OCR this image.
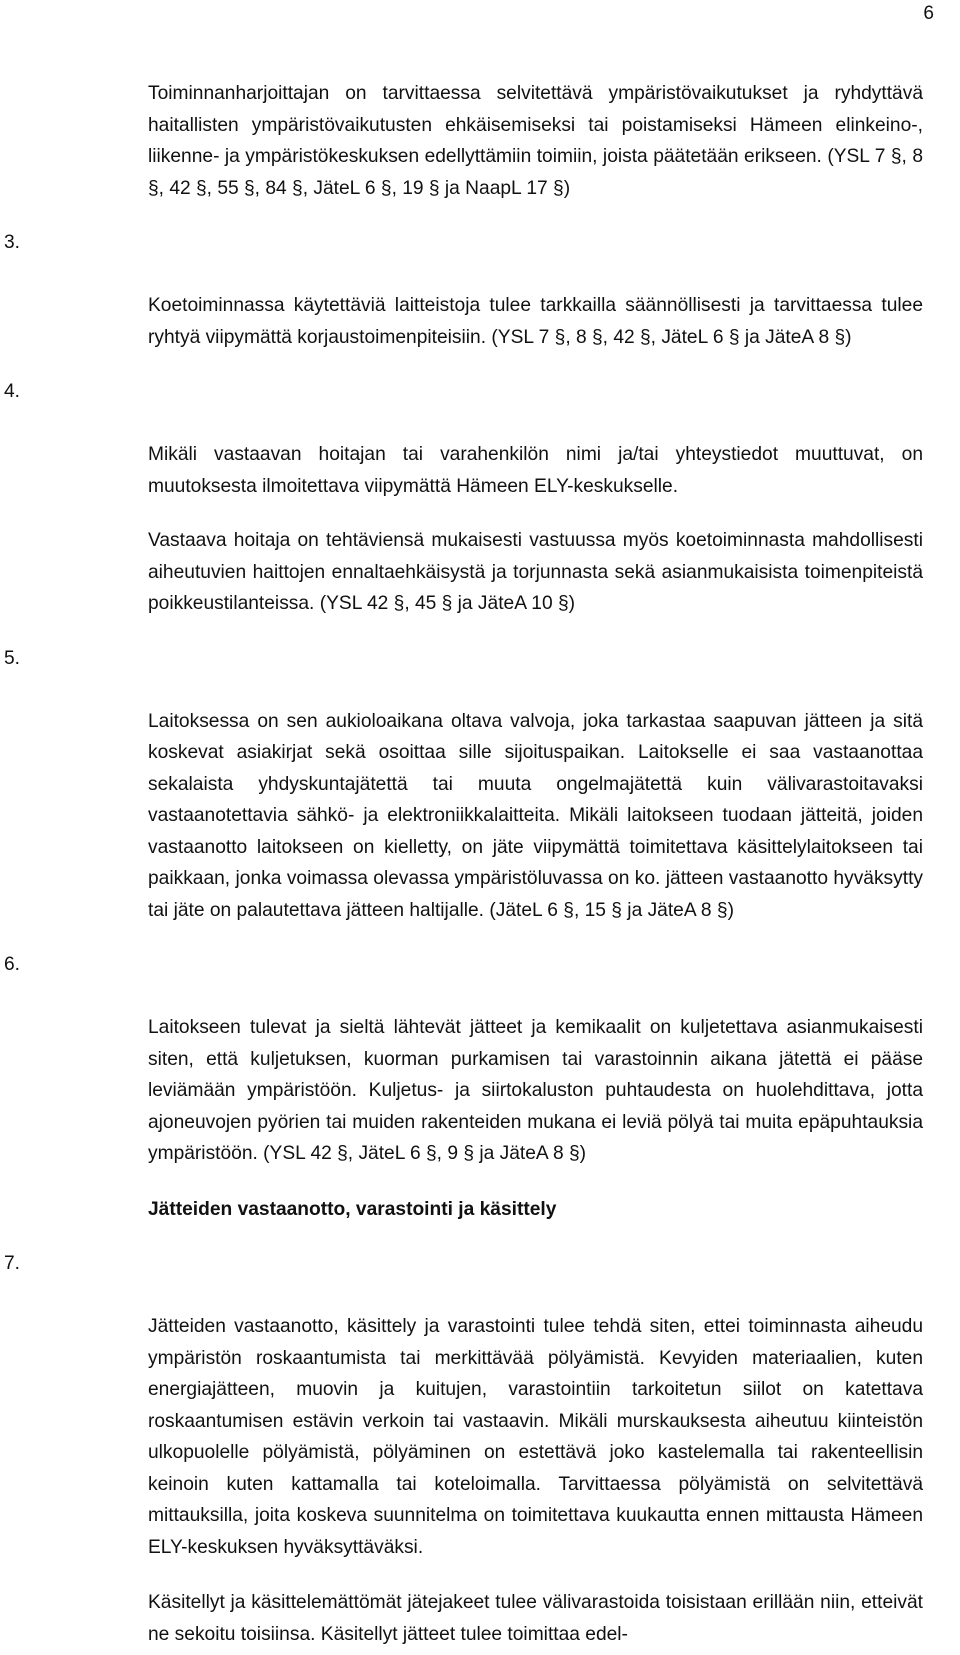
6
Toiminnanharjoittajan on tarvittaessa selvitettävä ympäristövaikutukset ja ryhdyttävä haitallisten ympäristövaikutusten ehkäisemiseksi tai poistamiseksi Hämeen elinkeino-, liikenne- ja ympäristökeskuksen edellyttämiin toimiin, joista päätetään erikseen. (YSL 7 §, 8 §, 42 §, 55 §, 84 §, JäteL 6 §, 19 § ja NaapL 17 §)

3.

Koetoiminnassa käytettäviä laitteistoja tulee tarkkailla säännöllisesti ja tarvittaessa tulee ryhtyä viipymättä korjaustoimenpiteisiin. (YSL 7 §, 8 §, 42 §, JäteL 6 § ja JäteA 8 §)

4.

Mikäli vastaavan hoitajan tai varahenkilön nimi ja/tai yhteystiedot muuttuvat, on muutoksesta ilmoitettava viipymättä Hämeen ELY-keskukselle.

Vastaava hoitaja on tehtäviensä mukaisesti vastuussa myös koetoiminnasta mahdollisesti aiheutuvien haittojen ennaltaehkäisystä ja torjunnasta sekä asianmukaisista toimenpiteistä poikkeustilanteissa. (YSL 42 §, 45 § ja JäteA 10 §)

5.

Laitoksessa on sen aukioloaikana oltava valvoja, joka tarkastaa saapuvan jätteen ja sitä koskevat asiakirjat sekä osoittaa sille sijoituspaikan. Laitokselle ei saa vastaanottaa sekalaista yhdyskuntajätettä tai muuta ongelmajätettä kuin välivarastoitavaksi vastaanotettavia sähkö- ja elektroniikkalaitteita. Mikäli laitokseen tuodaan jätteitä, joiden vastaanotto laitokseen on kielletty, on jäte viipymättä toimitettava käsittelylaitokseen tai paikkaan, jonka voimassa olevassa ympäristöluvassa on ko. jätteen vastaanotto hyväksytty tai jäte on palautettava jätteen haltijalle. (JäteL 6 §, 15 § ja JäteA 8 §)

6.

Laitokseen tulevat ja sieltä lähtevät jätteet ja kemikaalit on kuljetettava asianmukaisesti siten, että kuljetuksen, kuorman purkamisen tai varastoinnin aikana jätettä ei pääse leviämään ympäristöön. Kuljetus- ja siirtokaluston puhtaudesta on huolehdittava, jotta ajoneuvojen pyörien tai muiden rakenteiden mukana ei leviä pölyä tai muita epäpuhtauksia ympäristöön. (YSL 42 §, JäteL 6 §, 9 § ja JäteA 8 §)

Jätteiden vastaanotto, varastointi ja käsittely

7.

Jätteiden vastaanotto, käsittely ja varastointi tulee tehdä siten, ettei toiminnasta aiheudu ympäristön roskaantumista tai merkittävää pölyämistä. Kevyiden materiaalien, kuten energiajätteen, muovin ja kuitujen, varastointiin tarkoitetun siilot on katettava roskaantumisen estävin verkoin tai vastaavin. Mikäli murskauksesta aiheutuu kiinteistön ulkopuolelle pölyämistä, pölyäminen on estettävä joko kastelemalla tai rakenteellisin keinoin kuten kattamalla tai koteloimalla. Tarvittaessa pölyämistä on selvitettävä mittauksilla, joita koskeva suunnitelma on toimitettava kuukautta ennen mittausta Hämeen ELY-keskuksen hyväksyttäväksi.

Käsitellyt ja käsittelemättömät jätejakeet tulee välivarastoida toisistaan erillään niin, etteivät ne sekoitu toisiinsa. Käsitellyt jätteet tulee toimittaa edel-
